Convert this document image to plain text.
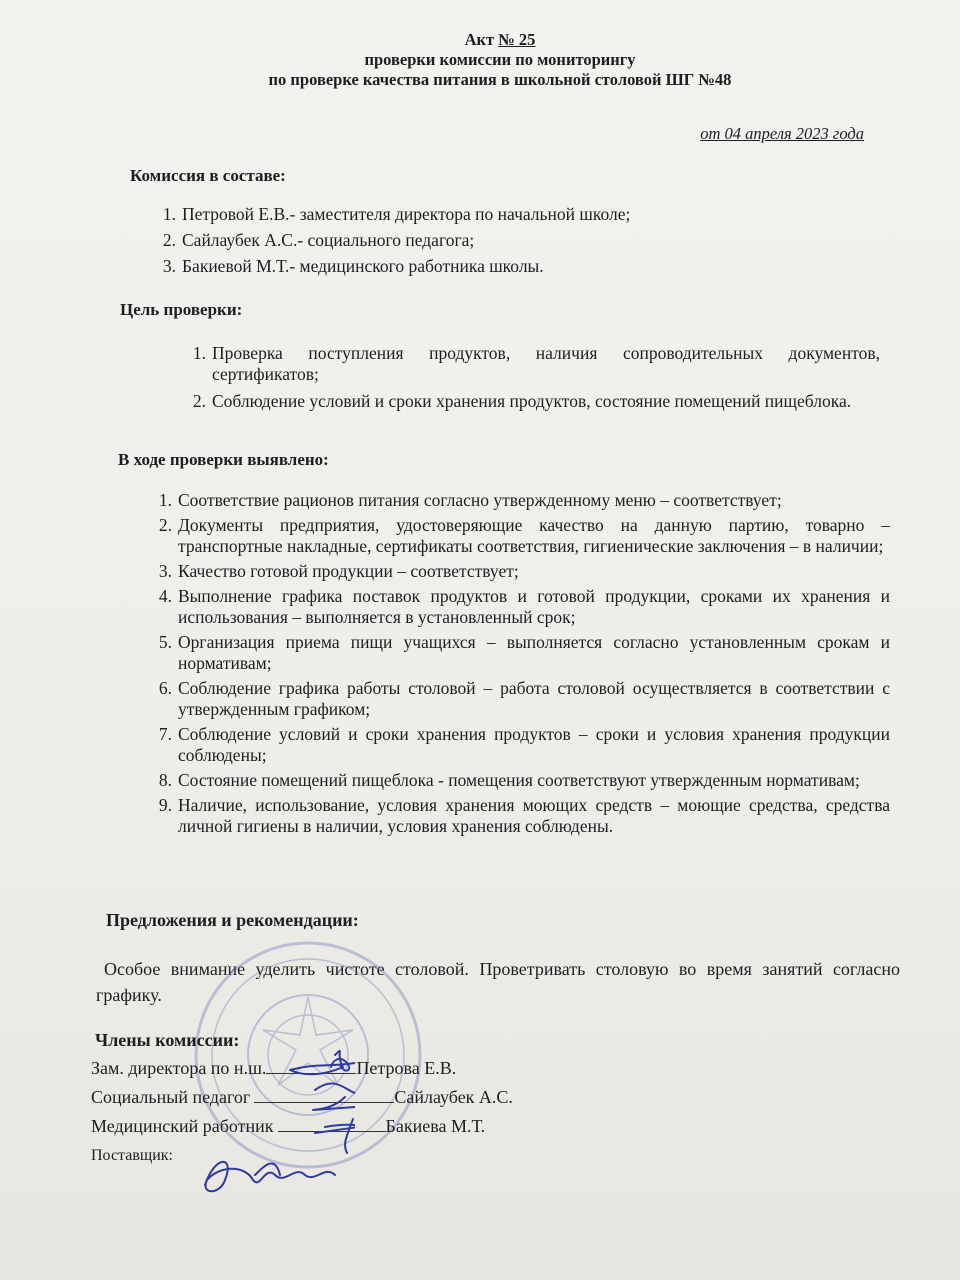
Акт № 25
проверки комиссии по мониторингу
по проверке качества питания в школьной столовой ШГ №48
от 04 апреля 2023 года
Комиссия в составе:
1. Петровой Е.В.- заместителя директора по начальной школе;
2. Сайлаубек А.С.- социального педагога;
3. Бакиевой М.Т.- медицинского работника школы.
Цель проверки:
1. Проверка поступления продуктов, наличия сопроводительных документов, сертификатов;
2. Соблюдение условий и сроки хранения продуктов, состояние помещений пищеблока.
В ходе проверки выявлено:
1. Соответствие рационов питания согласно утвержденному меню – соответствует;
2. Документы предприятия, удостоверяющие качество на данную партию, товарно – транспортные накладные, сертификаты соответствия, гигиенические заключения – в наличии;
3. Качество готовой продукции – соответствует;
4. Выполнение графика поставок продуктов и готовой продукции, сроками их хранения и использования – выполняется в установленный срок;
5. Организация приема пищи учащихся – выполняется согласно установленным срокам и нормативам;
6. Соблюдение графика работы столовой – работа столовой осуществляется в соответствии с утвержденным графиком;
7. Соблюдение условий и сроки хранения продуктов – сроки и условия хранения продукции соблюдены;
8. Состояние помещений пищеблока - помещения соответствуют утвержденным нормативам;
9. Наличие, использование, условия хранения моющих средств – моющие средства, средства личной гигиены в наличии, условия хранения соблюдены.
Предложения и рекомендации:
Особое внимание уделить чистоте столовой. Проветривать столовую во время занятий согласно графику.
Члены комиссии:
Зам. директора по н.ш.	Петрова Е.В.
Социальный педагог	Сайлаубек А.С.
Медицинский работник	Бакиева М.Т.
Поставщик:
